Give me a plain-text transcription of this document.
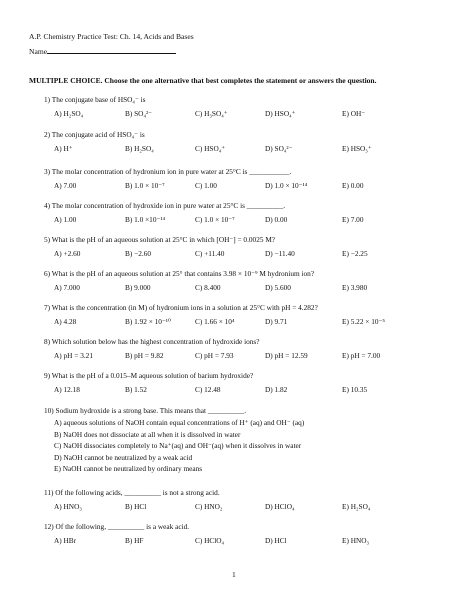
A.P. Chemistry Practice Test: Ch. 14, Acids and Bases
Name
MULTIPLE CHOICE. Choose the one alternative that best completes the statement or answers the question.
1) The conjugate base of HSO₄⁻ is
A) H₂SO₄	B) SO₄²⁻	C) H₃SO₄⁺	D) HSO₄⁺	E) OH⁻
2) The conjugate acid of HSO₄⁻ is
A) H⁺	B) H₂SO₄	C) HSO₄⁺	D) SO₄²⁻	E) HSO₃⁺
3) The molar concentration of hydronium ion in pure water at 25°C is ___________.
A) 7.00	B) 1.0 × 10⁻⁷	C) 1.00	D) 1.0 × 10⁻¹⁴	E) 0.00
4) The molar concentration of hydroxide ion in pure water at 25°C is __________.
A) 1.00	B) 1.0 ×10⁻¹⁴	C) 1.0 × 10⁻⁷	D) 0.00	E) 7.00
5) What is the pH of an aqueous solution at 25°C in which [OH⁻] = 0.0025 M?
A) +2.60	B) −2.60	C) +11.40	D) −11.40	E) −2.25
6) What is the pH of an aqueous solution at 25° that contains 3.98 × 10⁻⁹ M hydronium ion?
A) 7.000	B) 9.000	C) 8.400	D) 5.600	E) 3.980
7) What is the concentration (in M) of hydronium ions in a solution at 25°C with pH = 4.282?
A) 4.28	B) 1.92 × 10⁻¹⁰	C) 1.66 × 10⁴	D) 9.71	E) 5.22 × 10⁻⁵
8) Which solution below has the highest concentration of hydroxide ions?
A) pH = 3.21	B) pH = 9.82	C) pH = 7.93	D) pH = 12.59	E) pH = 7.00
9) What is the pH of a 0.015–M aqueous solution of barium hydroxide?
A) 12.18	B) 1.52	C) 12.48	D) 1.82	E) 10.35
10) Sodium hydroxide is a strong base. This means that __________.
A) aqueous solutions of NaOH contain equal concentrations of H⁺ (aq) and OH⁻ (aq)
B) NaOH does not dissociate at all when it is dissolved in water
C) NaOH dissociates completely to Na⁺(aq) and OH⁻(aq) when it dissolves in water
D) NaOH cannot be neutralized by a weak acid
E) NaOH cannot be neutralized by ordinary means
11) Of the following acids, __________ is not a strong acid.
A) HNO₃	B) HCl	C) HNO₂	D) HClO₄	E) H₂SO₄
12) Of the following, __________ is a weak acid.
A) HBr	B) HF	C) HClO₄	D) HCl	E) HNO₃
1
